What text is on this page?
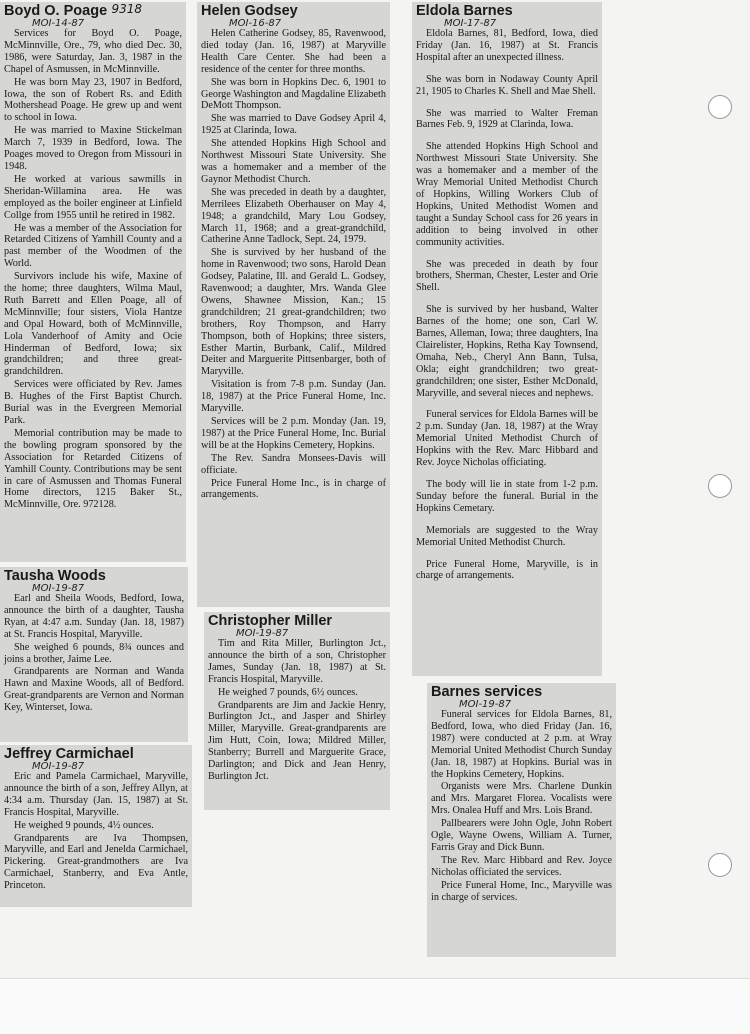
Boyd O. Poage 9318
MOI-14-87

Services for Boyd O. Poage, McMinnville, Ore., 79, who died Dec. 30, 1986, were Saturday, Jan. 3, 1987 in the Chapel of Asmussen, in McMinnville.

He was born May 23, 1907 in Bedford, Iowa, the son of Robert Rs. and Edith Mothershead Poage. He grew up and went to school in Iowa.

He was married to Maxine Stickelman March 7, 1939 in Bedford, Iowa. The Poages moved to Oregon from Missouri in 1948.

He worked at various sawmills in Sheridan-Willamina area. He was employed as the boiler engineer at Linfield Collge from 1955 until he retired in 1982.

He was a member of the Association for Retarded Citizens of Yamhill County and a past member of the Woodmen of the World.

Survivors include his wife, Maxine of the home; three daughters, Wilma Maul, Ruth Barrett and Ellen Poage, all of McMinnville; four sisters, Viola Hantze and Opal Howard, both of McMinnville, Lola Vanderhoof of Amity and Ocie Hinderman of Bedford, Iowa; six grandchildren; and three great-grandchildren.

Services were officiated by Rev. James B. Hughes of the First Baptist Church. Burial was in the Evergreen Memorial Park.

Memorial contribution may be made to the bowling program sponsored by the Association for Retarded Citizens of Yamhill County. Contributions may be sent in care of Asmussen and Thomas Funeral Home directors, 1215 Baker St., McMinnville, Ore. 972128.

Tausha Woods
MOI-19-87

Earl and Sheila Woods, Bedford, Iowa, announce the birth of a daughter, Tausha Ryan, at 4:47 a.m. Sunday (Jan. 18, 1987) at St. Francis Hospital, Maryville.

She weighed 6 pounds, 8¾ ounces and joins a brother, Jaime Lee.

Grandparents are Norman and Wanda Hawn and Maxine Woods, all of Bedford. Great-grandparents are Vernon and Norman Key, Winterset, Iowa.

Jeffrey Carmichael
MOI-19-87

Eric and Pamela Carmichael, Maryville, announce the birth of a son, Jeffrey Allyn, at 4:34 a.m. Thursday (Jan. 15, 1987) at St. Francis Hospital, Maryville.

He weighed 9 pounds, 4½ ounces.

Grandparents are Iva Thompsen, Maryville, and Earl and Jenelda Carmichael, Pickering. Great-grandmothers are Iva Carmichael, Stanberry, and Eva Antle, Princeton.

Helen Godsey
MOI-16-87

Helen Catherine Godsey, 85, Ravenwood, died today (Jan. 16, 1987) at Maryville Health Care Center. She had been a residence of the center for three months.

She was born in Hopkins Dec. 6, 1901 to George Washington and Magdaline Elizabeth DeMott Thompson.

She was married to Dave Godsey April 4, 1925 at Clarinda, Iowa.

She attended Hopkins High School and Northwest Missouri State University. She was a homemaker and a member of the Gaynor Methodist Church.

She was preceded in death by a daughter, Merrilees Elizabeth Oberhauser on May 4, 1948; a grandchild, Mary Lou Godsey, March 11, 1968; and a great-grandchild, Catherine Anne Tadlock, Sept. 24, 1979.

She is survived by her husband of the home in Ravenwood; two sons, Harold Dean Godsey, Palatine, Ill. and Gerald L. Godsey, Ravenwood; a daughter, Mrs. Wanda Glee Owens, Shawnee Mission, Kan.; 15 grandchildren; 21 great-grandchildren; two brothers, Roy Thompson, and Harry Thompson, both of Hopkins; three sisters, Esther Martin, Burbank, Calif., Mildred Deiter and Marguerite Pittsenbarger, both of Maryville.

Visitation is from 7-8 p.m. Sunday (Jan. 18, 1987) at the Price Funeral Home, Inc. Maryville.

Services will be 2 p.m. Monday (Jan. 19, 1987) at the Price Funeral Home, Inc. Burial will be at the Hopkins Cemetery, Hopkins.

The Rev. Sandra Monsees-Davis will officiate.

Price Funeral Home Inc., is in charge of arrangements.

Christopher Miller
MOI-19-87

Tim and Rita Miller, Burlington Jct., announce the birth of a son, Christopher James, Sunday (Jan. 18, 1987) at St. Francis Hospital, Maryville.

He weighed 7 pounds, 6½ ounces.

Grandparents are Jim and Jackie Henry, Burlington Jct., and Jasper and Shirley Miller, Maryville. Great-grandparents are Jim Hutt, Coin, Iowa; Mildred Miller, Stanberry; Burrell and Marguerite Grace, Darlington; and Dick and Jean Henry, Burlington Jct.

Eldola Barnes
MOI-17-87

Eldola Barnes, 81, Bedford, Iowa, died Friday (Jan. 16, 1987) at St. Francis Hospital after an unexpected illness.

She was born in Nodaway County April 21, 1905 to Charles K. Shell and Mae Shell.

She was married to Walter Freman Barnes Feb. 9, 1929 at Clarinda, Iowa.

She attended Hopkins High School and Northwest Missouri State University. She was a homemaker and a member of the Wray Memorial United Methodist Church of Hopkins, Willing Workers Club of Hopkins, United Methodist Women and taught a Sunday School cass for 26 years in addition to being involved in other community activities.

She was preceded in death by four brothers, Sherman, Chester, Lester and Orie Shell.

She is survived by her husband, Walter Barnes of the home; one son, Carl W. Barnes, Alleman, Iowa; three daughters, Ina Clairelister, Hopkins, Retha Kay Townsend, Omaha, Neb., Cheryl Ann Bann, Tulsa, Okla; eight grandchildren; two great-grandchildren; one sister, Esther McDonald, Maryville, and several nieces and nephews.

Funeral services for Eldola Barnes will be 2 p.m. Sunday (Jan. 18, 1987) at the Wray Memorial United Methodist Church of Hopkins with the Rev. Marc Hibbard and Rev. Joyce Nicholas officiating.

The body will lie in state from 1-2 p.m. Sunday before the funeral. Burial in the Hopkins Cemetary.

Memorials are suggested to the Wray Memorial United Methodist Church.

Price Funeral Home, Maryville, is in charge of arrangements.

Barnes services
MOI-19-87

Funeral services for Eldola Barnes, 81, Bedford, Iowa, who died Friday (Jan. 16, 1987) were conducted at 2 p.m. at Wray Memorial United Methodist Church Sunday (Jan. 18, 1987) at Hopkins. Burial was in the Hopkins Cemetery, Hopkins.

Organists were Mrs. Charlene Dunkin and Mrs. Margaret Florea. Vocalists were Mrs. Onalea Huff and Mrs. Lois Brand.

Pallbearers were John Ogle, John Robert Ogle, Wayne Owens, William A. Turner, Farris Gray and Dick Bunn.

The Rev. Marc Hibbard and Rev. Joyce Nicholas officiated the services.

Price Funeral Home, Inc., Maryville was in charge of services.
